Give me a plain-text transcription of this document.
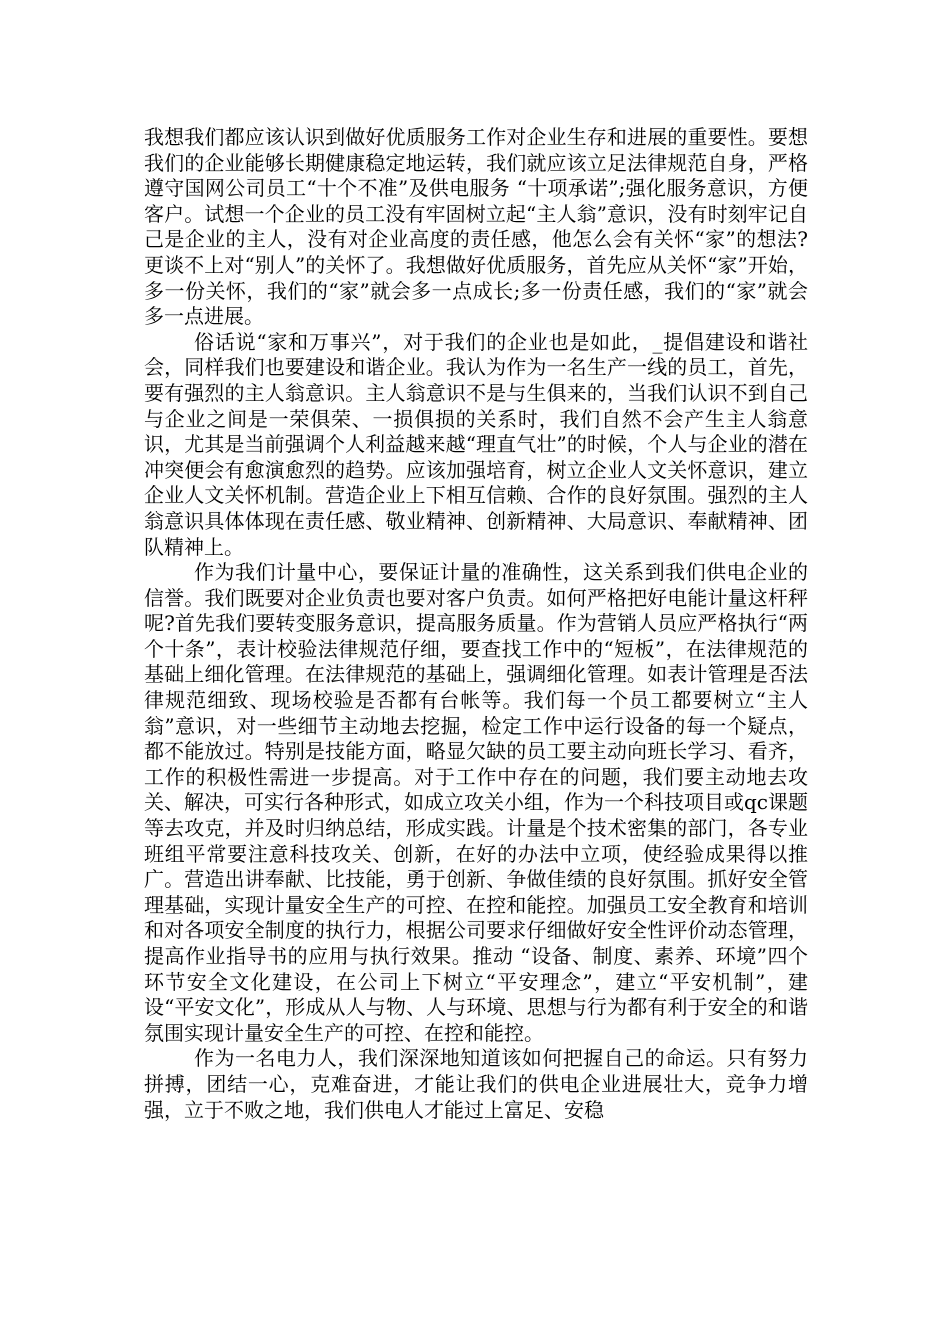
我想我们都应该认识到做好优质服务工作对企业生存和进展的重要性。要想我们的企业能够长期健康稳定地运转，我们就应该立足法律规范自身，严格遵守国网公司员工“十个不准”及供电服务 “十项承诺”;强化服务意识，方便客户。试想一个企业的员工没有牢固树立起“主人翁”意识，没有时刻牢记自己是企业的主人，没有对企业高度的责任感，他怎么会有关怀“家”的想法?更谈不上对“别人”的关怀了。我想做好优质服务，首先应从关怀“家”开始，多一份关怀，我们的“家”就会多一点成长;多一份责任感，我们的“家”就会多一点进展。

俗话说“家和万事兴”，对于我们的企业也是如此，_提倡建设和谐社会，同样我们也要建设和谐企业。我认为作为一名生产一线的员工，首先，要有强烈的主人翁意识。主人翁意识不是与生俱来的，当我们认识不到自己与企业之间是一荣俱荣、一损俱损的关系时，我们自然不会产生主人翁意识，尤其是当前强调个人利益越来越“理直气壮”的时候，个人与企业的潜在冲突便会有愈演愈烈的趋势。应该加强培育，树立企业人文关怀意识，建立企业人文关怀机制。营造企业上下相互信赖、合作的良好氛围。强烈的主人翁意识具体体现在责任感、敬业精神、创新精神、大局意识、奉献精神、团队精神上。

作为我们计量中心，要保证计量的准确性，这关系到我们供电企业的信誉。我们既要对企业负责也要对客户负责。如何严格把好电能计量这杆秤呢?首先我们要转变服务意识，提高服务质量。作为营销人员应严格执行“两个十条”，表计校验法律规范仔细，要查找工作中的“短板”，在法律规范的基础上细化管理。在法律规范的基础上，强调细化管理。如表计管理是否法律规范细致、现场校验是否都有台帐等。我们每一个员工都要树立“主人翁”意识，对一些细节主动地去挖掘，检定工作中运行设备的每一个疑点，都不能放过。特别是技能方面，略显欠缺的员工要主动向班长学习、看齐，工作的积极性需进一步提高。对于工作中存在的问题，我们要主动地去攻关、解决，可实行各种形式，如成立攻关小组，作为一个科技项目或qc课题等去攻克，并及时归纳总结，形成实践。计量是个技术密集的部门，各专业班组平常要注意科技攻关、创新，在好的办法中立项，使经验成果得以推广。营造出讲奉献、比技能，勇于创新、争做佳绩的良好氛围。抓好安全管理基础，实现计量安全生产的可控、在控和能控。加强员工安全教育和培训和对各项安全制度的执行力，根据公司要求仔细做好安全性评价动态管理，提高作业指导书的应用与执行效果。推动 “设备、制度、素养、环境”四个环节安全文化建设，在公司上下树立“平安理念”，建立“平安机制”，建设“平安文化”，形成从人与物、人与环境、思想与行为都有利于安全的和谐氛围实现计量安全生产的可控、在控和能控。

作为一名电力人，我们深深地知道该如何把握自己的命运。只有努力拼搏，团结一心，克难奋进，才能让我们的供电企业进展壮大，竞争力增强，立于不败之地，我们供电人才能过上富足、安稳
